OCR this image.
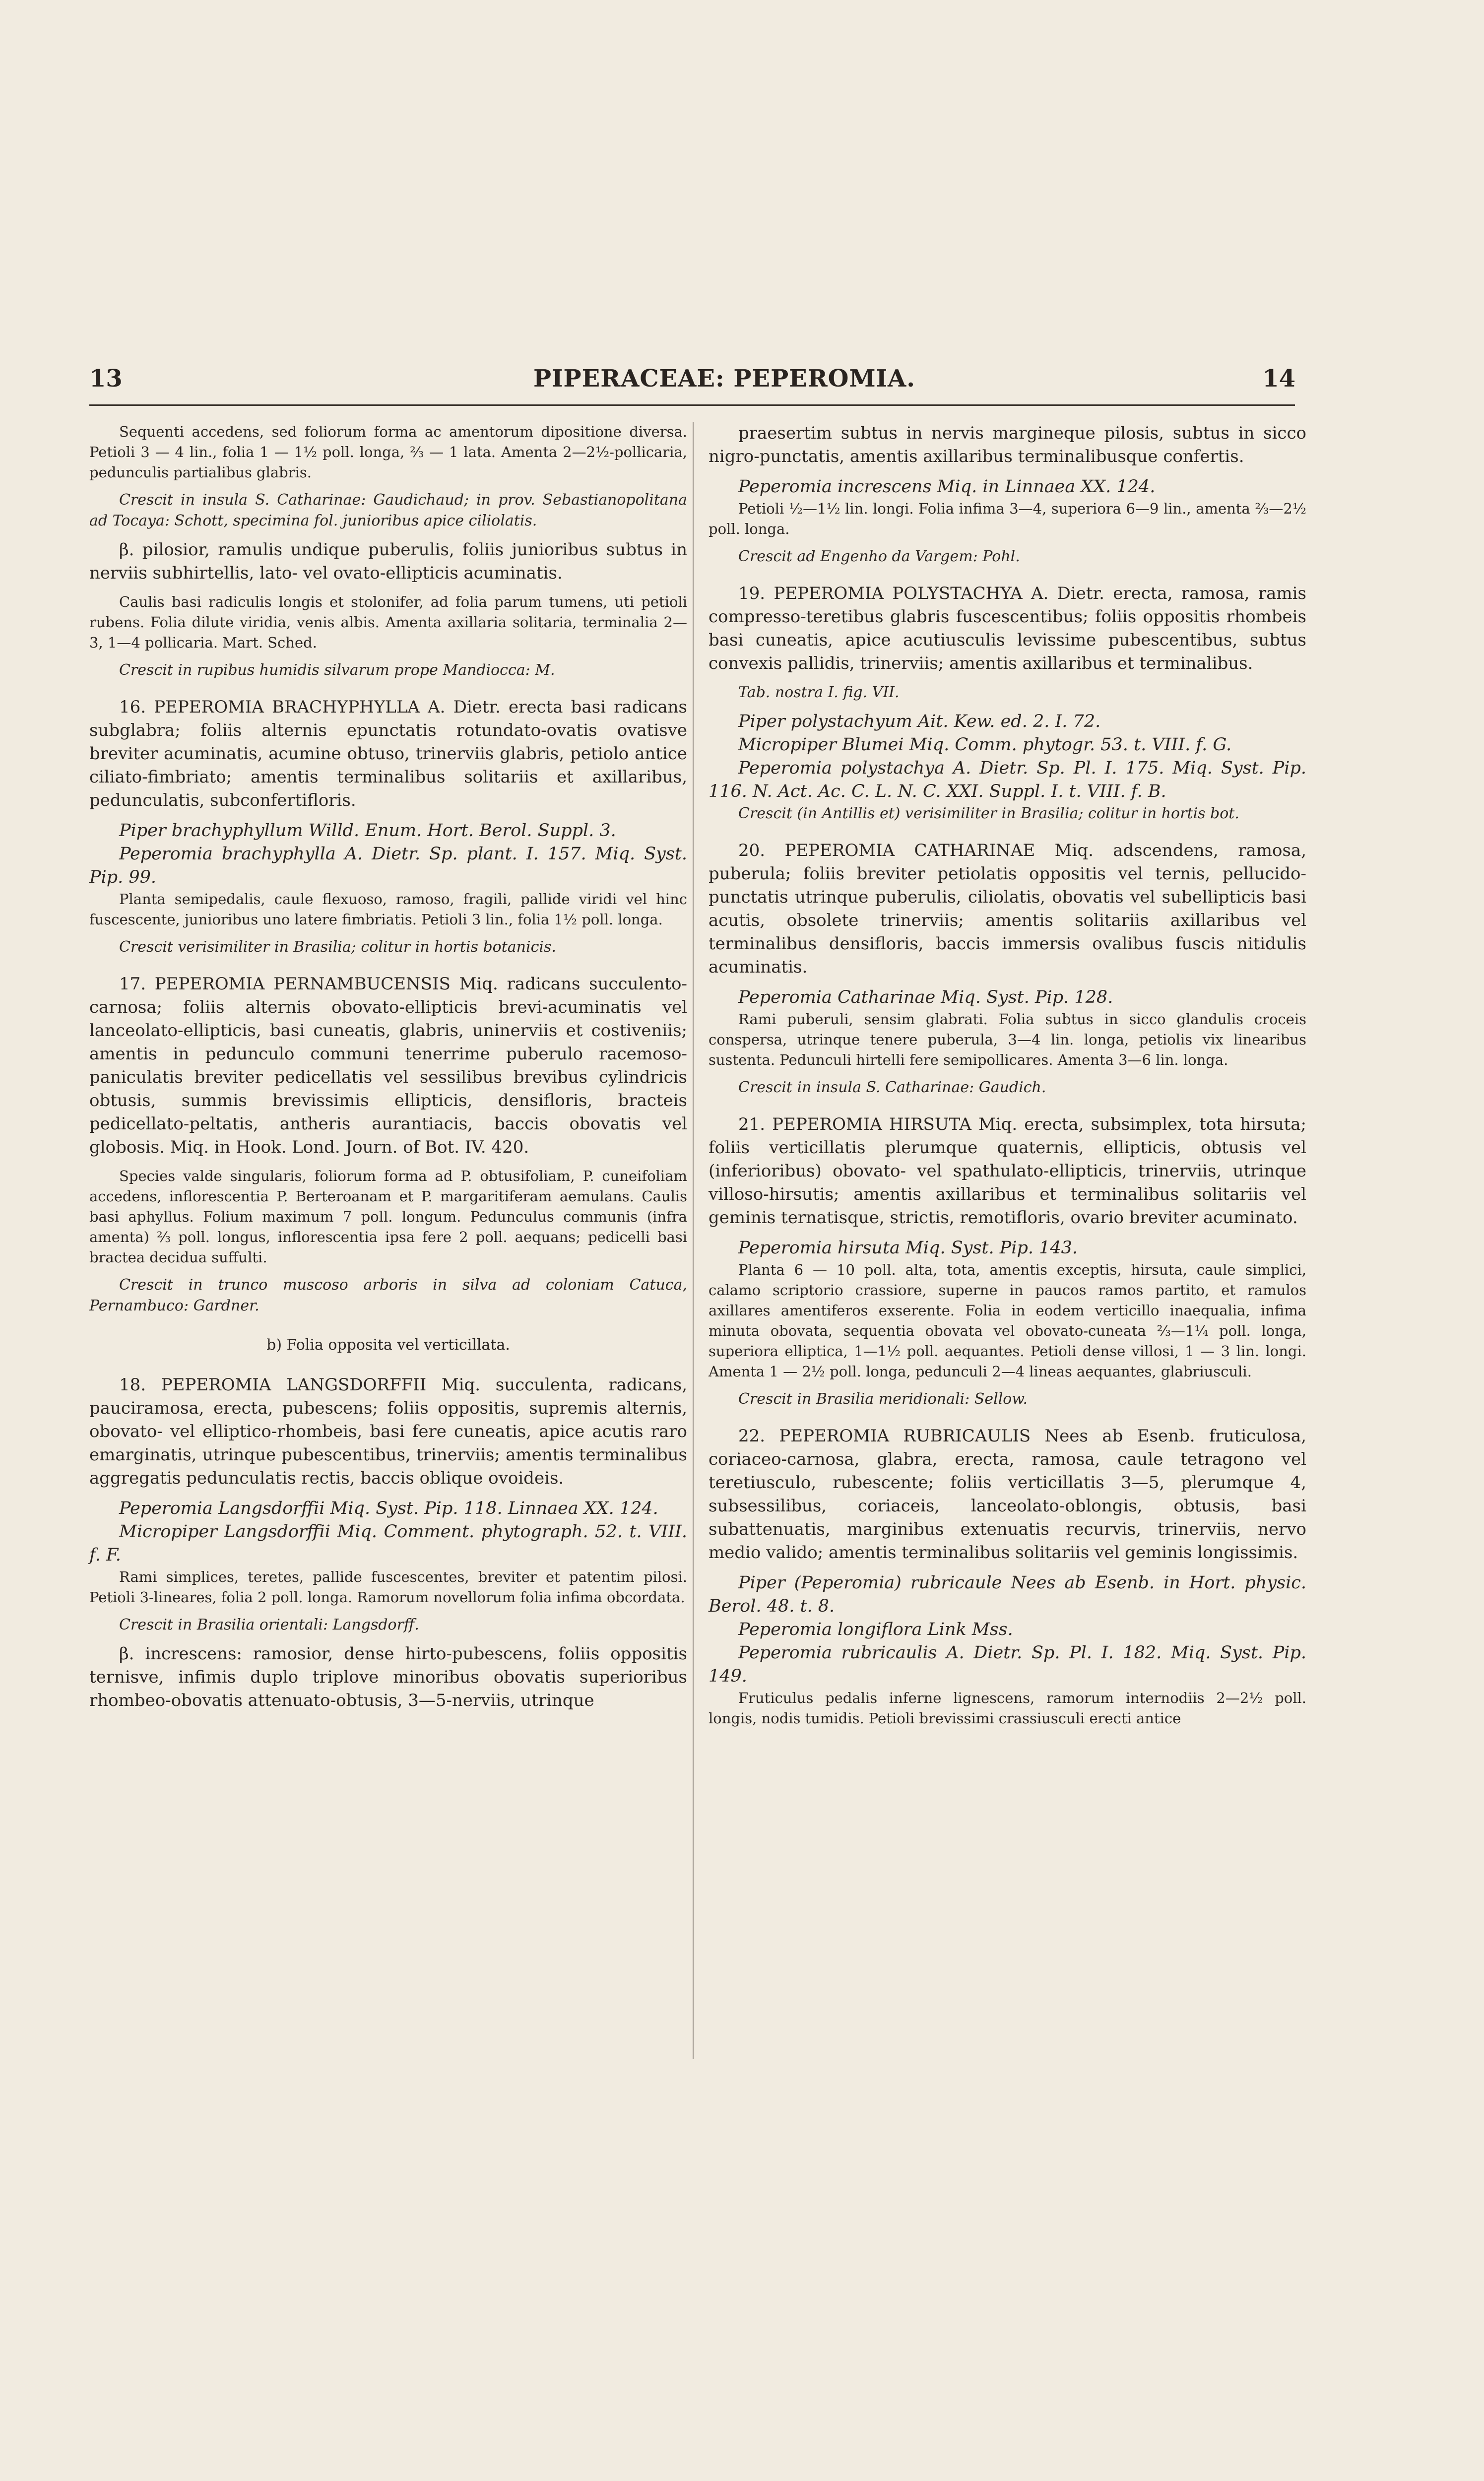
13	PIPERACEAE: PEPEROMIA.	14

Sequenti accedens, sed foliorum forma ac amentorum dipositione diversa. Petioli 3 — 4 lin., folia 1 — 1½ poll. longa, ⅔ — 1 lata. Amenta 2—2½-pollicaria, pedunculis partialibus glabris.

Crescit in insula S. Catharinae: Gaudichaud; in prov. Sebastianopolitana ad Tocaya: Schott, specimina fol. junioribus apice ciliolatis.

β. pilosior, ramulis undique puberulis, foliis junioribus subtus in nerviis subhirtellis, lato- vel ovato-ellipticis acuminatis.

Caulis basi radiculis longis et stolonifer, ad folia parum tumens, uti petioli rubens. Folia dilute viridia, venis albis. Amenta axillaria solitaria, terminalia 2—3, 1—4 pollicaria. Mart. Sched.

Crescit in rupibus humidis silvarum prope Mandiocca: M.

16. PEPEROMIA BRACHYPHYLLA A. Dietr. erecta basi radicans subglabra; foliis alternis epunctatis rotundato-ovatis ovatisve breviter acuminatis, acumine obtuso, trinerviis glabris, petiolo antice ciliato-fimbriato; amentis terminalibus solitariis et axillaribus, pedunculatis, subconfertifloris.

Piper brachyphyllum Willd. Enum. Hort. Berol. Suppl. 3.

Peperomia brachyphylla A. Dietr. Sp. plant. I. 157. Miq. Syst. Pip. 99.

Planta semipedalis, caule flexuoso, ramoso, fragili, pallide viridi vel hinc fuscescente, junioribus uno latere fimbriatis. Petioli 3 lin., folia 1½ poll. longa.

Crescit verisimiliter in Brasilia; colitur in hortis botanicis.

17. PEPEROMIA PERNAMBUCENSIS Miq. radicans succulento-carnosa; foliis alternis obovato-ellipticis brevi-acuminatis vel lanceolato-ellipticis, basi cuneatis, glabris, uninerviis et costiveniis; amentis in pedunculo communi tenerrime puberulo racemoso-paniculatis breviter pedicellatis vel sessilibus brevibus cylindricis obtusis, summis brevissimis ellipticis, densifloris, bracteis pedicellato-peltatis, antheris aurantiacis, baccis obovatis vel globosis. Miq. in Hook. Lond. Journ. of Bot. IV. 420.

Species valde singularis, foliorum forma ad P. obtusifoliam, P. cuneifoliam accedens, inflorescentia P. Berteroanam et P. margaritiferam aemulans. Caulis basi aphyllus. Folium maximum 7 poll. longum. Pedunculus communis (infra amenta) ⅔ poll. longus, inflorescentia ipsa fere 2 poll. aequans; pedicelli basi bractea decidua suffulti.

Crescit in trunco muscoso arboris in silva ad coloniam Catuca, Pernambuco: Gardner.

b) Folia opposita vel verticillata.

18. PEPEROMIA LANGSDORFFII Miq. succulenta, radicans, pauciramosa, erecta, pubescens; foliis oppositis, supremis alternis, obovato- vel elliptico-rhombeis, basi fere cuneatis, apice acutis raro emarginatis, utrinque pubescentibus, trinerviis; amentis terminalibus aggregatis pedunculatis rectis, baccis oblique ovoideis.

Peperomia Langsdorffii Miq. Syst. Pip. 118. Linnaea XX. 124.

Micropiper Langsdorffii Miq. Comment. phytograph. 52. t. VIII. f. F.

Rami simplices, teretes, pallide fuscescentes, breviter et patentim pilosi. Petioli 3-lineares, folia 2 poll. longa. Ramorum novellorum folia infima obcordata.

Crescit in Brasilia orientali: Langsdorff.

β. increscens: ramosior, dense hirto-pubescens, foliis oppositis ternisve, infimis duplo triplove minoribus obovatis superioribus rhombeo-obovatis attenuato-obtusis, 3—5-nerviis, utrinque

praesertim subtus in nervis margineque pilosis, subtus in sicco nigro-punctatis, amentis axillaribus terminalibusque confertis.

Peperomia increscens Miq. in Linnaea XX. 124.

Petioli ½—1½ lin. longi. Folia infima 3—4, superiora 6—9 lin., amenta ⅔—2½ poll. longa.

Crescit ad Engenho da Vargem: Pohl.

19. PEPEROMIA POLYSTACHYA A. Dietr. erecta, ramosa, ramis compresso-teretibus glabris fuscescentibus; foliis oppositis rhombeis basi cuneatis, apice acutiusculis levissime pubescentibus, subtus convexis pallidis, trinerviis; amentis axillaribus et terminalibus.

Tab. nostra I. fig. VII.

Piper polystachyum Ait. Kew. ed. 2. I. 72.

Micropiper Blumei Miq. Comm. phytogr. 53. t. VIII. f. G.

Peperomia polystachya A. Dietr. Sp. Pl. I. 175. Miq. Syst. Pip. 116. N. Act. Ac. C. L. N. C. XXI. Suppl. I. t. VIII. f. B.

Crescit (in Antillis et) verisimiliter in Brasilia; colitur in hortis bot.

20. PEPEROMIA CATHARINAE Miq. adscendens, ramosa, puberula; foliis breviter petiolatis oppositis vel ternis, pellucido-punctatis utrinque puberulis, ciliolatis, obovatis vel subellipticis basi acutis, obsolete trinerviis; amentis solitariis axillaribus vel terminalibus densifloris, baccis immersis ovalibus fuscis nitidulis acuminatis.

Peperomia Catharinae Miq. Syst. Pip. 128.

Rami puberuli, sensim glabrati. Folia subtus in sicco glandulis croceis conspersa, utrinque tenere puberula, 3—4 lin. longa, petiolis vix linearibus sustenta. Pedunculi hirtelli fere semipollicares. Amenta 3—6 lin. longa.

Crescit in insula S. Catharinae: Gaudich.

21. PEPEROMIA HIRSUTA Miq. erecta, subsimplex, tota hirsuta; foliis verticillatis plerumque quaternis, ellipticis, obtusis vel (inferioribus) obovato- vel spathulato-ellipticis, trinerviis, utrinque villoso-hirsutis; amentis axillaribus et terminalibus solitariis vel geminis ternatisque, strictis, remotifloris, ovario breviter acuminato.

Peperomia hirsuta Miq. Syst. Pip. 143.

Planta 6 — 10 poll. alta, tota, amentis exceptis, hirsuta, caule simplici, calamo scriptorio crassiore, superne in paucos ramos partito, et ramulos axillares amentiferos exserente. Folia in eodem verticillo inaequalia, infima minuta obovata, sequentia obovata vel obovato-cuneata ⅔—1¼ poll. longa, superiora elliptica, 1—1½ poll. aequantes. Petioli dense villosi, 1 — 3 lin. longi. Amenta 1 — 2½ poll. longa, pedunculi 2—4 lineas aequantes, glabriusculi.

Crescit in Brasilia meridionali: Sellow.

22. PEPEROMIA RUBRICAULIS Nees ab Esenb. fruticulosa, coriaceo-carnosa, glabra, erecta, ramosa, caule tetragono vel teretiusculo, rubescente; foliis verticillatis 3—5, plerumque 4, subsessilibus, coriaceis, lanceolato-oblongis, obtusis, basi subattenuatis, marginibus extenuatis recurvis, trinerviis, nervo medio valido; amentis terminalibus solitariis vel geminis longissimis.

Piper (Peperomia) rubricaule Nees ab Esenb. in Hort. physic. Berol. 48. t. 8.

Peperomia longiflora Link Mss.

Peperomia rubricaulis A. Dietr. Sp. Pl. I. 182. Miq. Syst. Pip. 149.

Fruticulus pedalis inferne lignescens, ramorum internodiis 2—2½ poll. longis, nodis tumidis. Petioli brevissimi crassiusculi erecti antice
